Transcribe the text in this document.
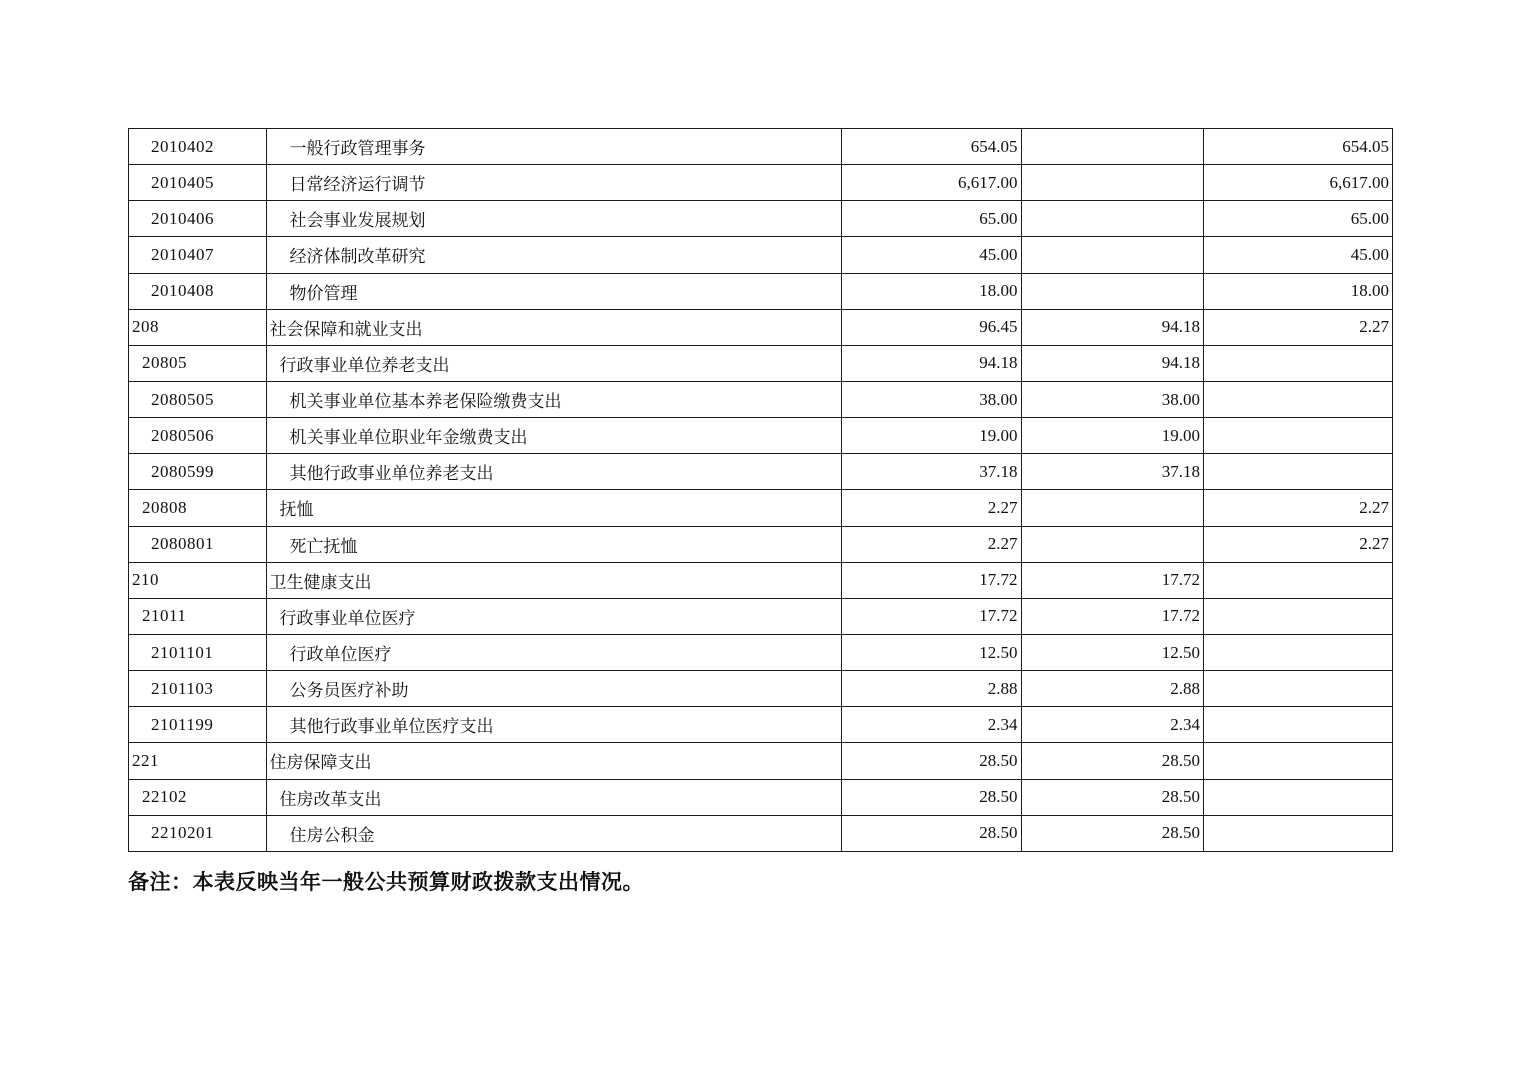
2010402	一般行政管理事务	654.05		654.05
2010405	日常经济运行调节	6,617.00		6,617.00
2010406	社会事业发展规划	65.00		65.00
2010407	经济体制改革研究	45.00		45.00
2010408	物价管理	18.00		18.00
208	社会保障和就业支出	96.45	94.18	2.27
20805	行政事业单位养老支出	94.18	94.18	
2080505	机关事业单位基本养老保险缴费支出	38.00	38.00	
2080506	机关事业单位职业年金缴费支出	19.00	19.00	
2080599	其他行政事业单位养老支出	37.18	37.18	
20808	抚恤	2.27		2.27
2080801	死亡抚恤	2.27		2.27
210	卫生健康支出	17.72	17.72	
21011	行政事业单位医疗	17.72	17.72	
2101101	行政单位医疗	12.50	12.50	
2101103	公务员医疗补助	2.88	2.88	
2101199	其他行政事业单位医疗支出	2.34	2.34	
221	住房保障支出	28.50	28.50	
22102	住房改革支出	28.50	28.50	
2210201	住房公积金	28.50	28.50	
备注：本表反映当年一般公共预算财政拨款支出情况。
